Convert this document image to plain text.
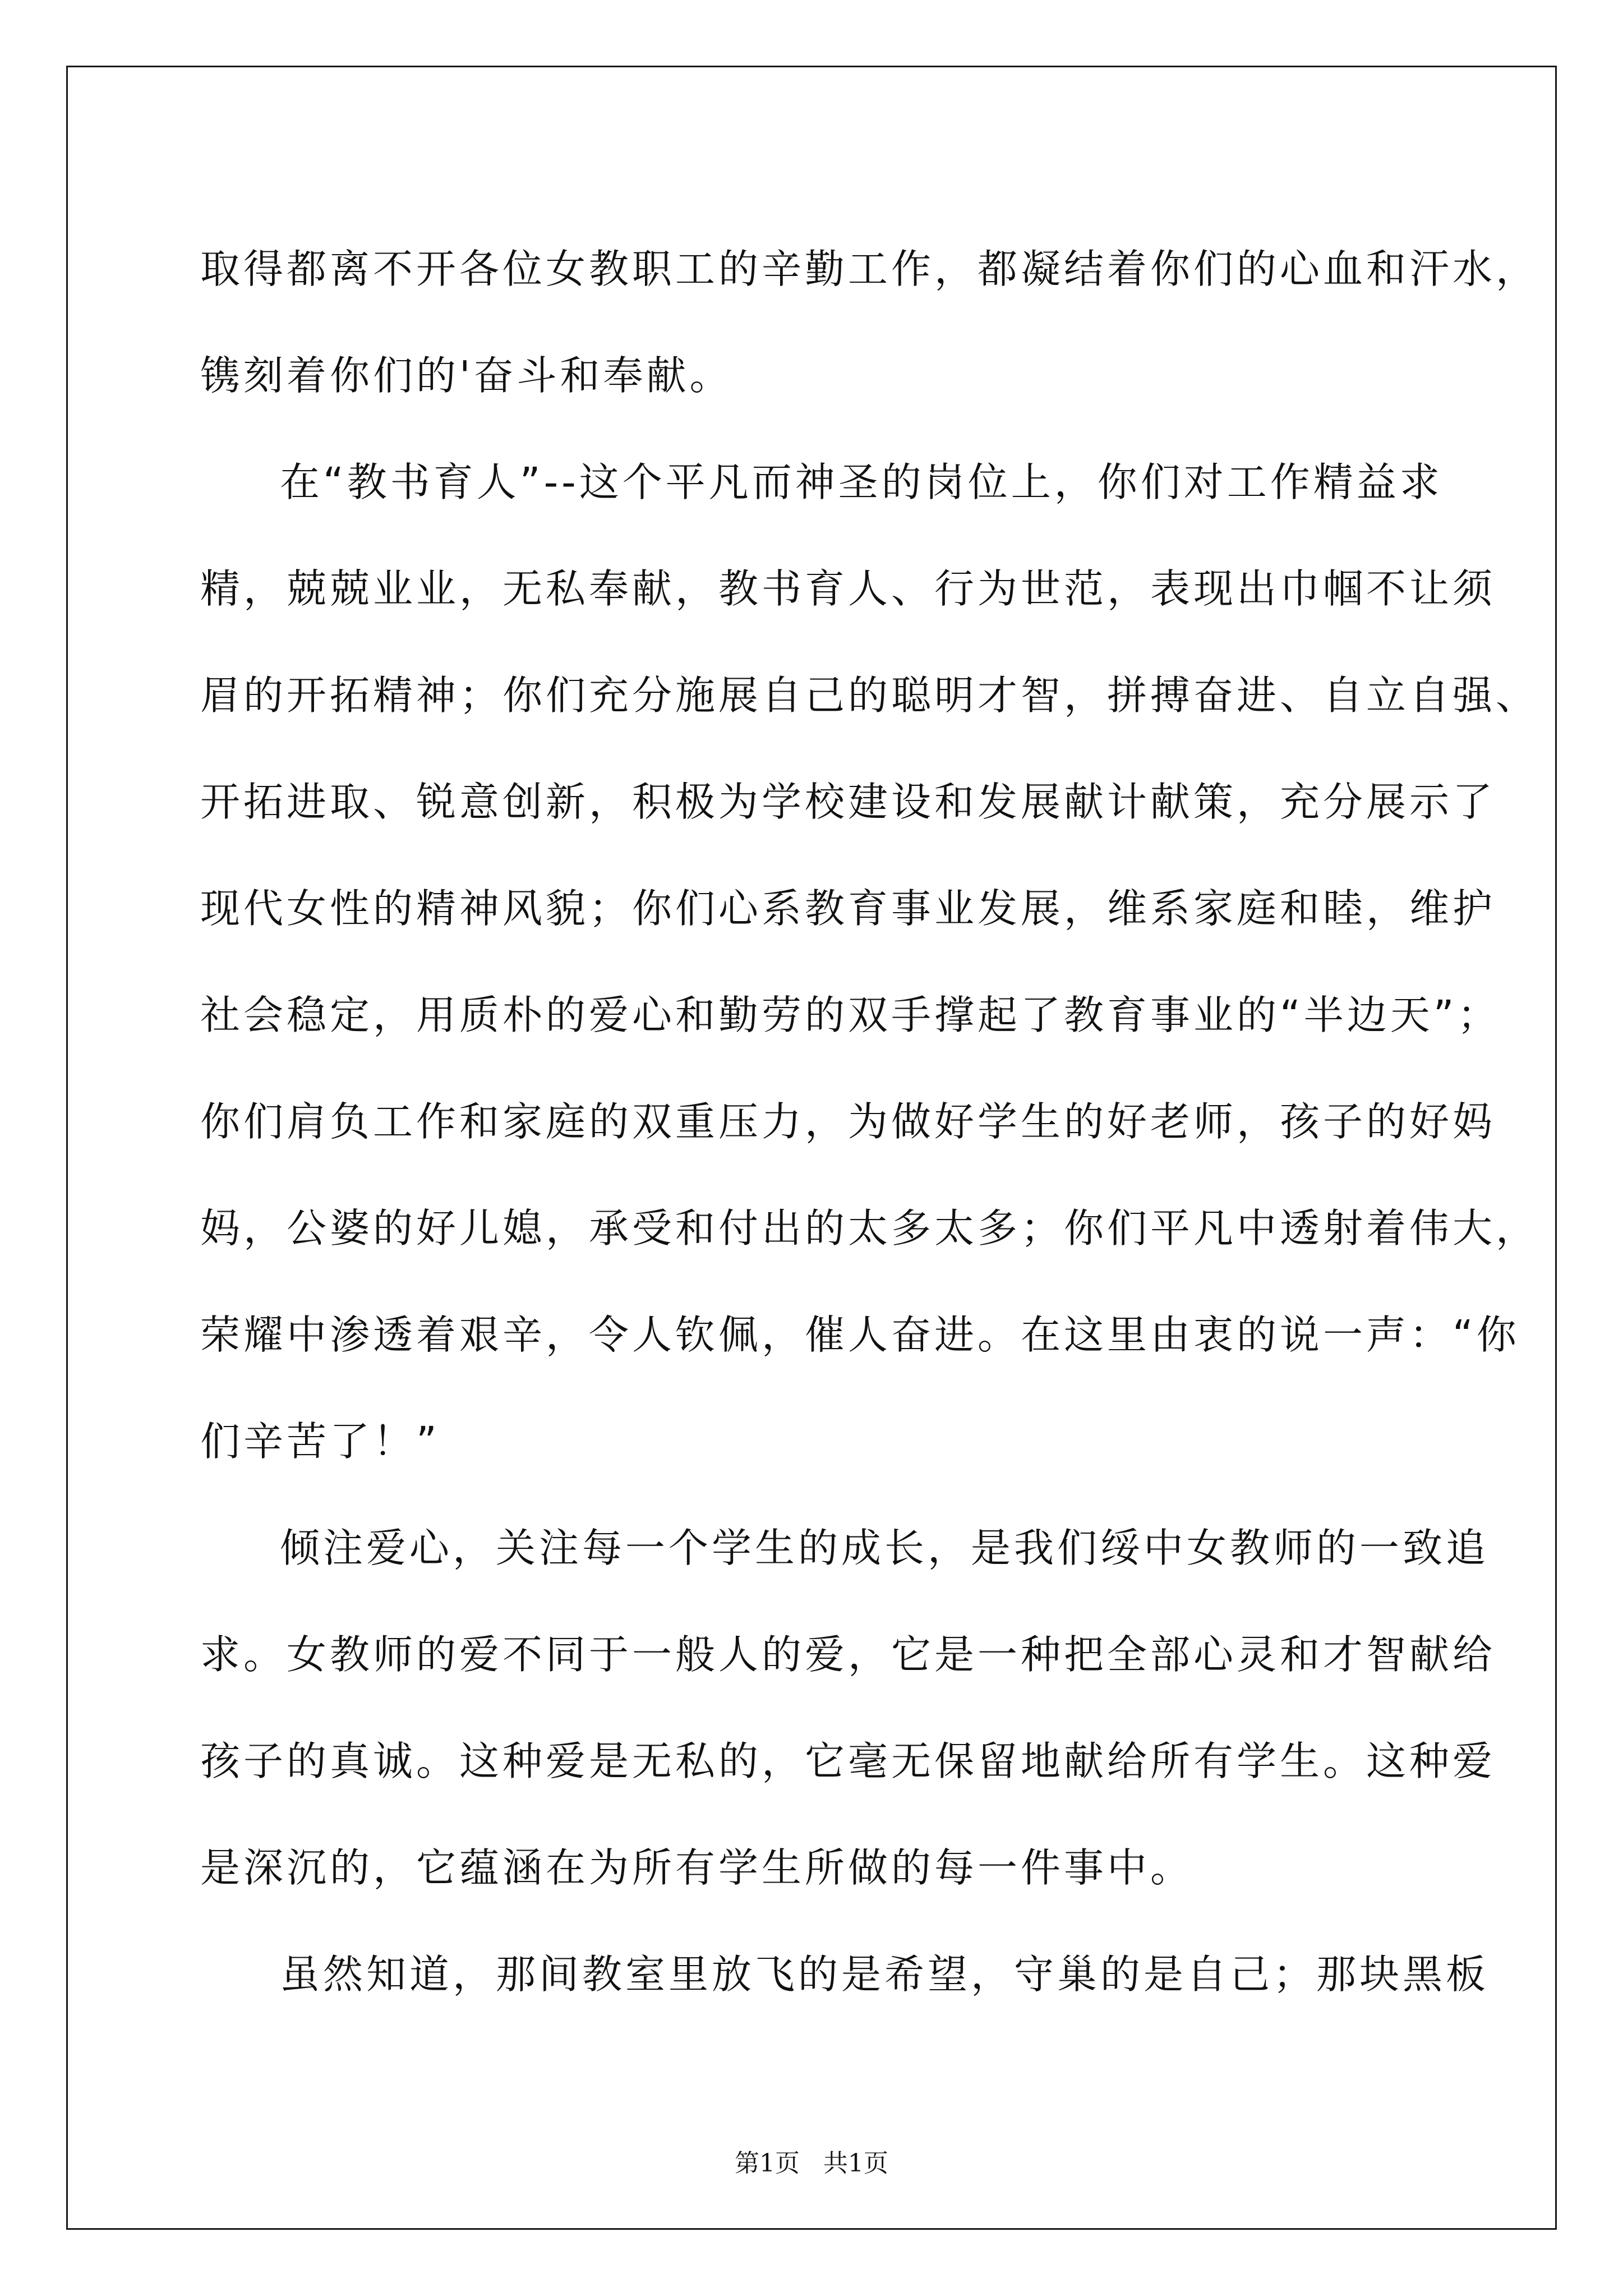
取得都离不开各位女教职工的辛勤工作，都凝结着你们的心血和汗水，
镌刻着你们的'奋斗和奉献。
在“教书育人”--这个平凡而神圣的岗位上，你们对工作精益求
精，兢兢业业，无私奉献，教书育人、行为世范，表现出巾帼不让须
眉的开拓精神；你们充分施展自己的聪明才智，拼搏奋进、自立自强、
开拓进取、锐意创新，积极为学校建设和发展献计献策，充分展示了
现代女性的精神风貌；你们心系教育事业发展，维系家庭和睦，维护
社会稳定，用质朴的爱心和勤劳的双手撑起了教育事业的“半边天”；
你们肩负工作和家庭的双重压力，为做好学生的好老师，孩子的好妈
妈，公婆的好儿媳，承受和付出的太多太多；你们平凡中透射着伟大，
荣耀中渗透着艰辛，令人钦佩，催人奋进。在这里由衷的说一声：“你
们辛苦了！”
倾注爱心，关注每一个学生的成长，是我们绥中女教师的一致追
求。女教师的爱不同于一般人的爱，它是一种把全部心灵和才智献给
孩子的真诚。这种爱是无私的，它毫无保留地献给所有学生。这种爱
是深沉的，它蕴涵在为所有学生所做的每一件事中。
虽然知道，那间教室里放飞的是希望，守巢的是自己；那块黑板
第1页   共1页
